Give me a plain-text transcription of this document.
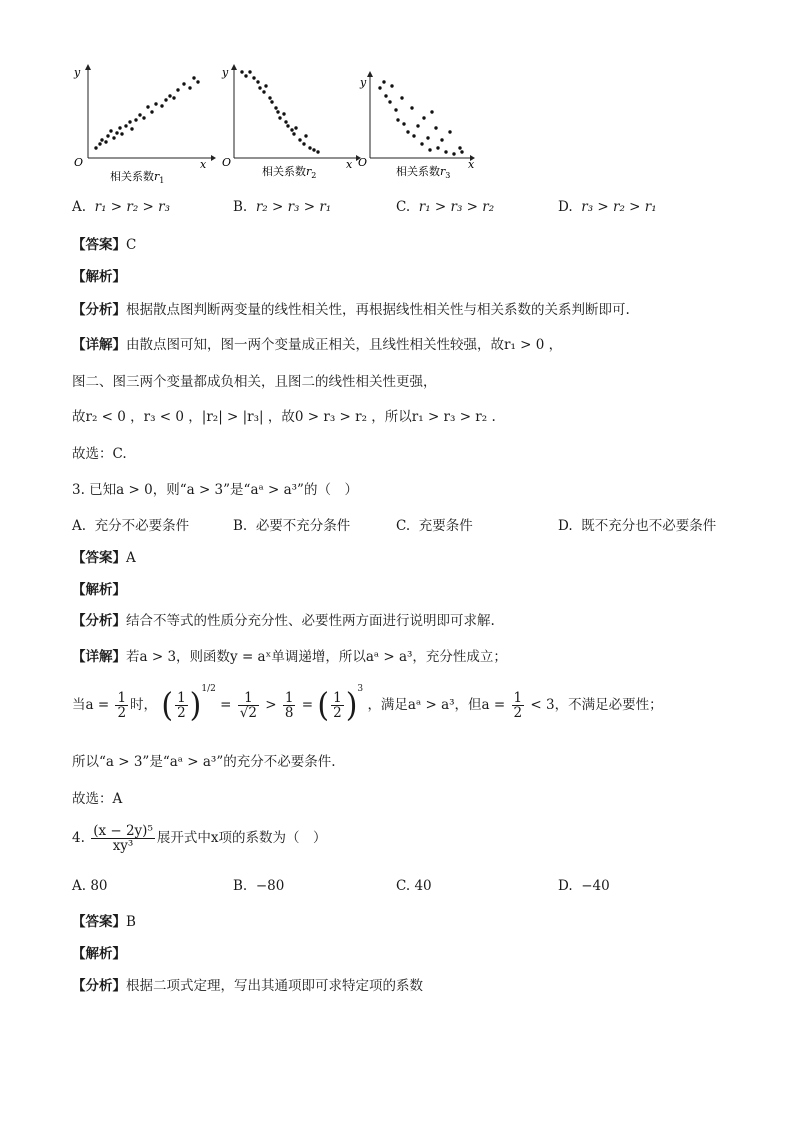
y
x
O
相关系数$r_1$
y
x
O
相关系数$r_2$
y
x
O
相关系数$r_3$
A. r₁ > r₂ > r₃	B. r₂ > r₃ > r₁	C. r₁ > r₃ > r₂	D. r₃ > r₂ > r₁
【答案】C
【解析】
【分析】根据散点图判断两变量的线性相关性，再根据线性相关性与相关系数的关系判断即可.
【详解】由散点图可知，图一两个变量成正相关，且线性相关性较强，故r₁ > 0 ，
图二、图三两个变量都成负相关，且图二的线性相关性更强，
故r₂ < 0 ，r₃ < 0 ，|r₂| > |r₃| ，故0 > r₃ > r₂ ，所以r₁ > r₃ > r₂ .
故选：C.
3. 已知a > 0，则“a > 3”是“aᵃ > a³”的（　）
A. 充分不必要条件	B. 必要不充分条件	C. 充要条件	D. 既不充分也不必要条件
【答案】A
【解析】
【分析】结合不等式的性质分充分性、必要性两方面进行说明即可求解.
【详解】若a > 3，则函数y = aˣ单调递增，所以aᵃ > a³，充分性成立；
当$a = \frac{1}{2}$ 时， ( $\frac{1}{2} )^{1/2} = \frac{1}{√2} > \frac{1}{8}$ = ( $\frac{1}{2} )^3$ ，满足aᵃ > a³，但$a = \frac{1}{2} < 3$，不满足必要性；
所以“a > 3”是“aᵃ > a³”的充分不必要条件.
故选：A
4. $\frac{\text{(x − 2y)⁵}}{\text{xy³}}$ 展开式中x项的系数为（　）
A. 80	B. −80	C. 40	D. −40
【答案】B
【解析】
【分析】根据二项式定理，写出其通项即可求特定项的系数
